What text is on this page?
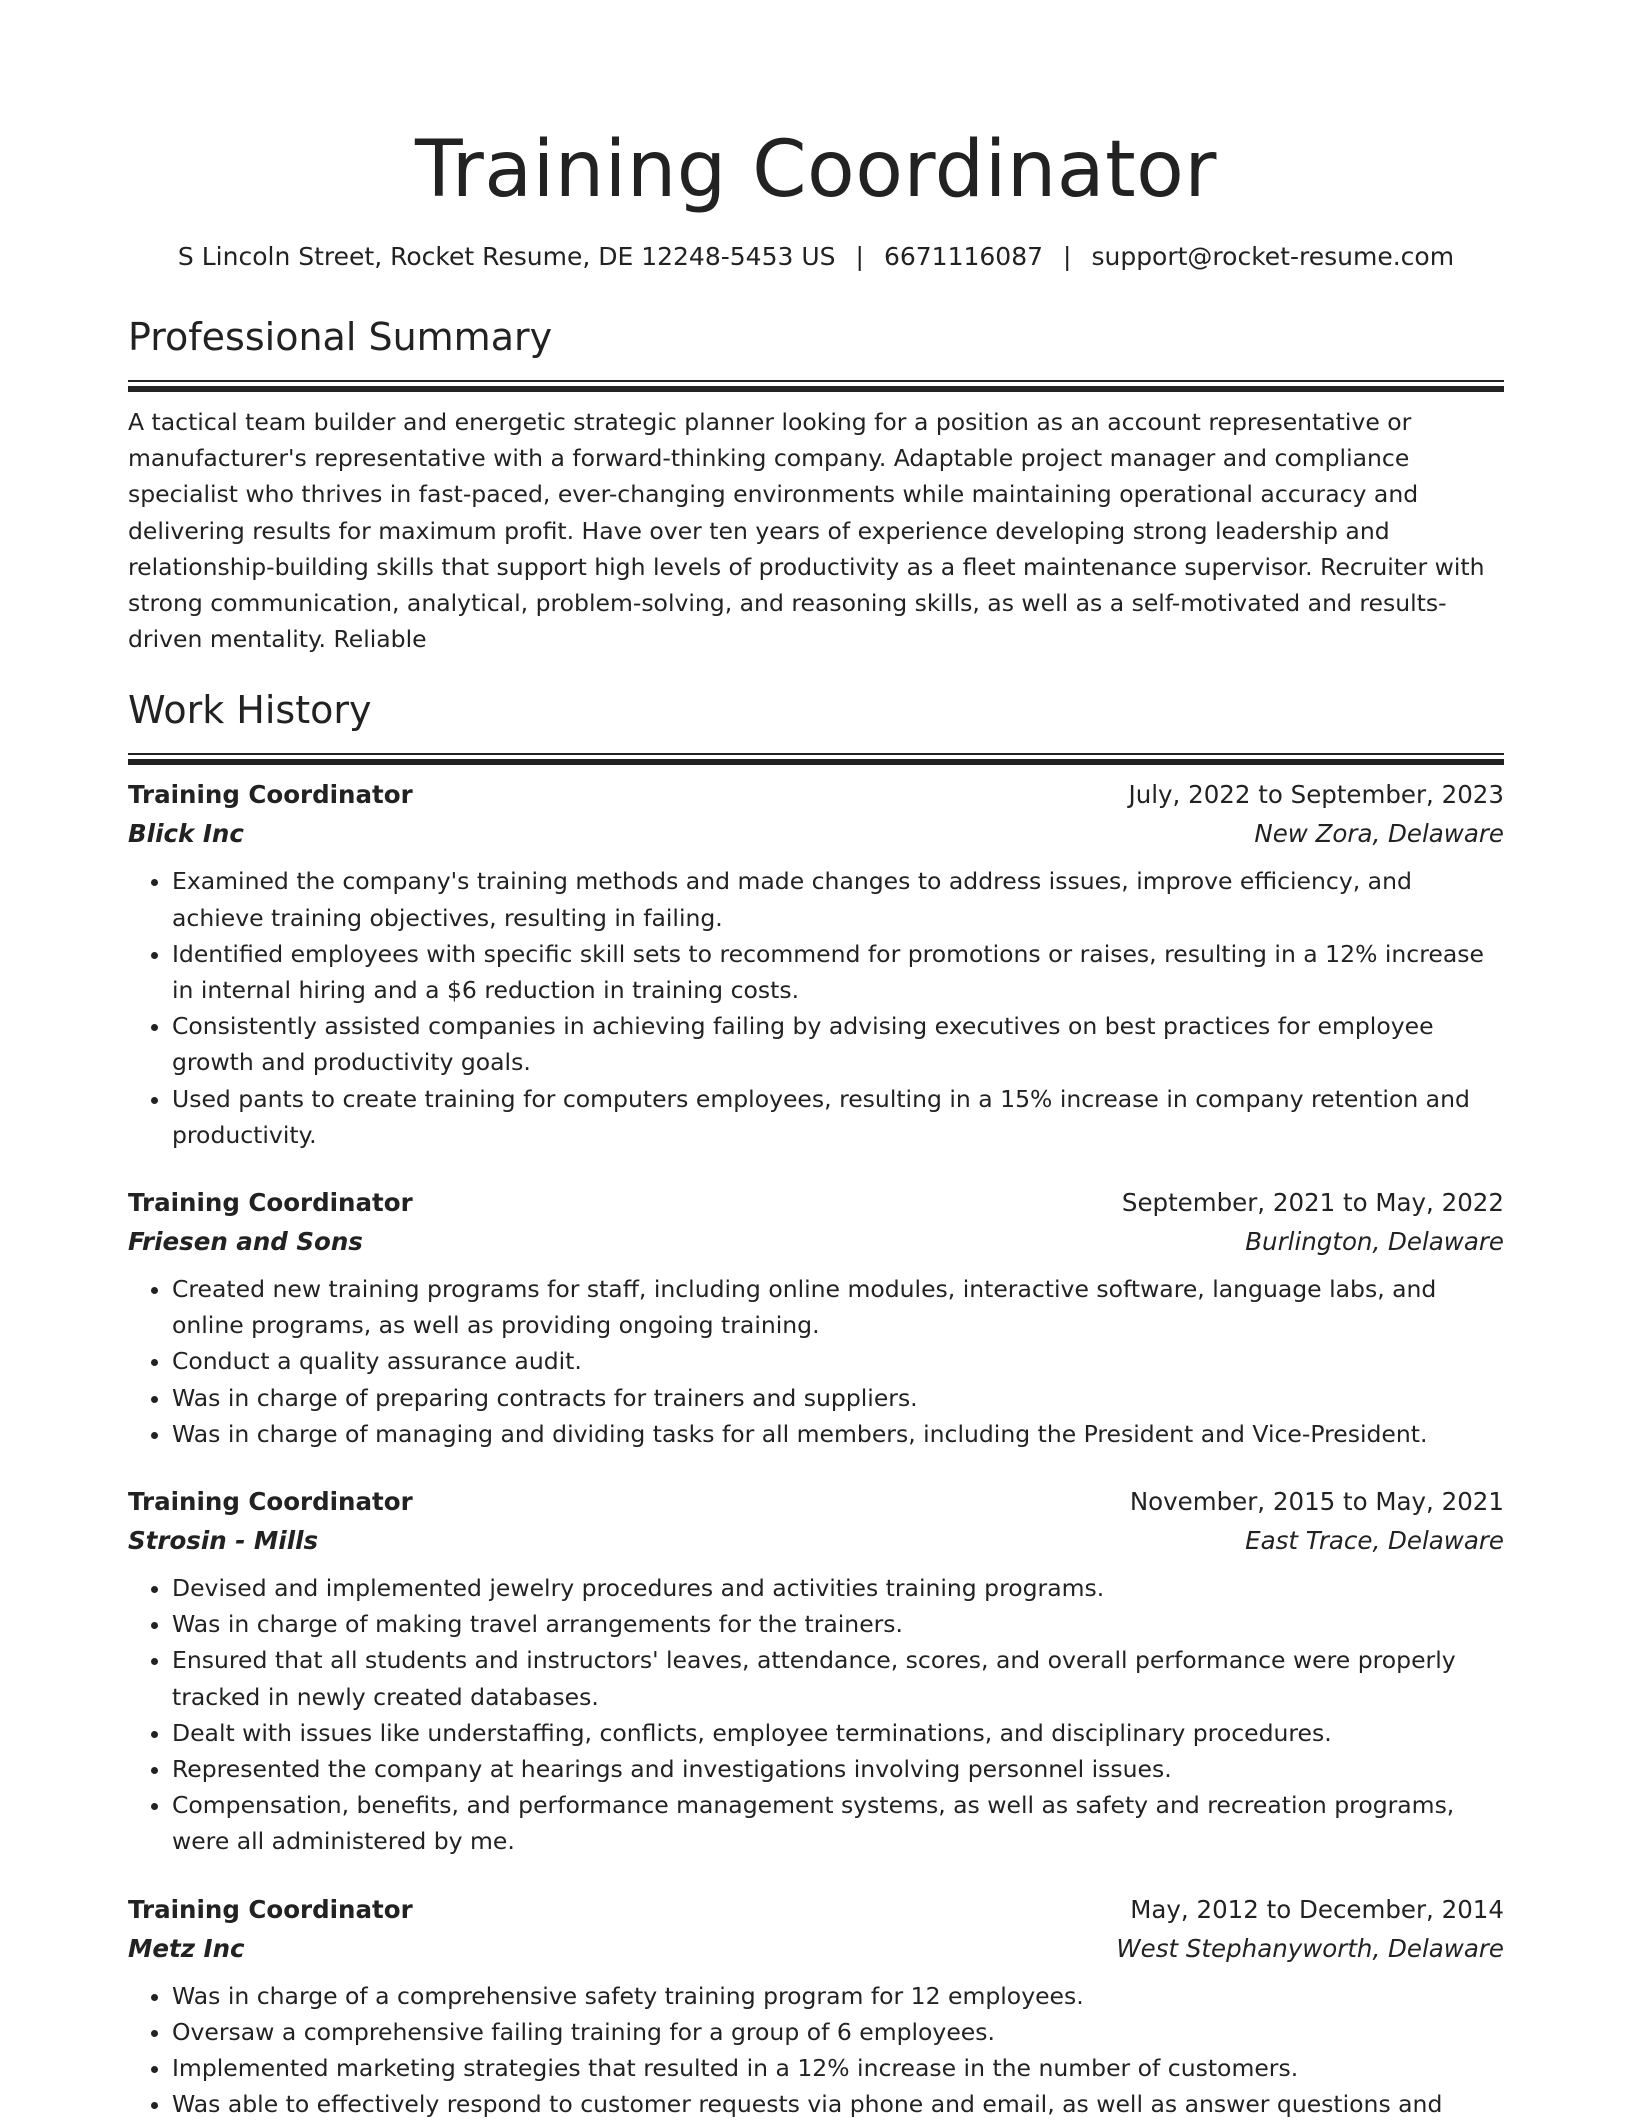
Training Coordinator
S Lincoln Street, Rocket Resume, DE 12248-5453 US | 6671116087 | support@rocket-resume.com
Professional Summary

A tactical team builder and energetic strategic planner looking for a position as an account representative or manufacturer's representative with a forward-thinking company. Adaptable project manager and compliance specialist who thrives in fast-paced, ever-changing environments while maintaining operational accuracy and delivering results for maximum profit. Have over ten years of experience developing strong leadership and relationship-building skills that support high levels of productivity as a fleet maintenance supervisor. Recruiter with strong communication, analytical, problem-solving, and reasoning skills, as well as a self-motivated and results-driven mentality. Reliable

Work History
Training Coordinator	July, 2022 to September, 2023
Blick Inc	New Zora, Delaware
• Examined the company's training methods and made changes to address issues, improve efficiency, and achieve training objectives, resulting in failing.
• Identified employees with specific skill sets to recommend for promotions or raises, resulting in a 12% increase in internal hiring and a $6 reduction in training costs.
• Consistently assisted companies in achieving failing by advising executives on best practices for employee growth and productivity goals.
• Used pants to create training for computers employees, resulting in a 15% increase in company retention and productivity.
Training Coordinator	September, 2021 to May, 2022
Friesen and Sons	Burlington, Delaware
• Created new training programs for staff, including online modules, interactive software, language labs, and online programs, as well as providing ongoing training.
• Conduct a quality assurance audit.
• Was in charge of preparing contracts for trainers and suppliers.
• Was in charge of managing and dividing tasks for all members, including the President and Vice-President.
Training Coordinator	November, 2015 to May, 2021
Strosin - Mills	East Trace, Delaware
• Devised and implemented jewelry procedures and activities training programs.
• Was in charge of making travel arrangements for the trainers.
• Ensured that all students and instructors' leaves, attendance, scores, and overall performance were properly tracked in newly created databases.
• Dealt with issues like understaffing, conflicts, employee terminations, and disciplinary procedures.
• Represented the company at hearings and investigations involving personnel issues.
• Compensation, benefits, and performance management systems, as well as safety and recreation programs, were all administered by me.
Training Coordinator	May, 2012 to December, 2014
Metz Inc	West Stephanyworth, Delaware
• Was in charge of a comprehensive safety training program for 12 employees.
• Oversaw a comprehensive failing training for a group of 6 employees.
• Implemented marketing strategies that resulted in a 12% increase in the number of customers.
• Was able to effectively respond to customer requests via phone and email, as well as answer questions and
